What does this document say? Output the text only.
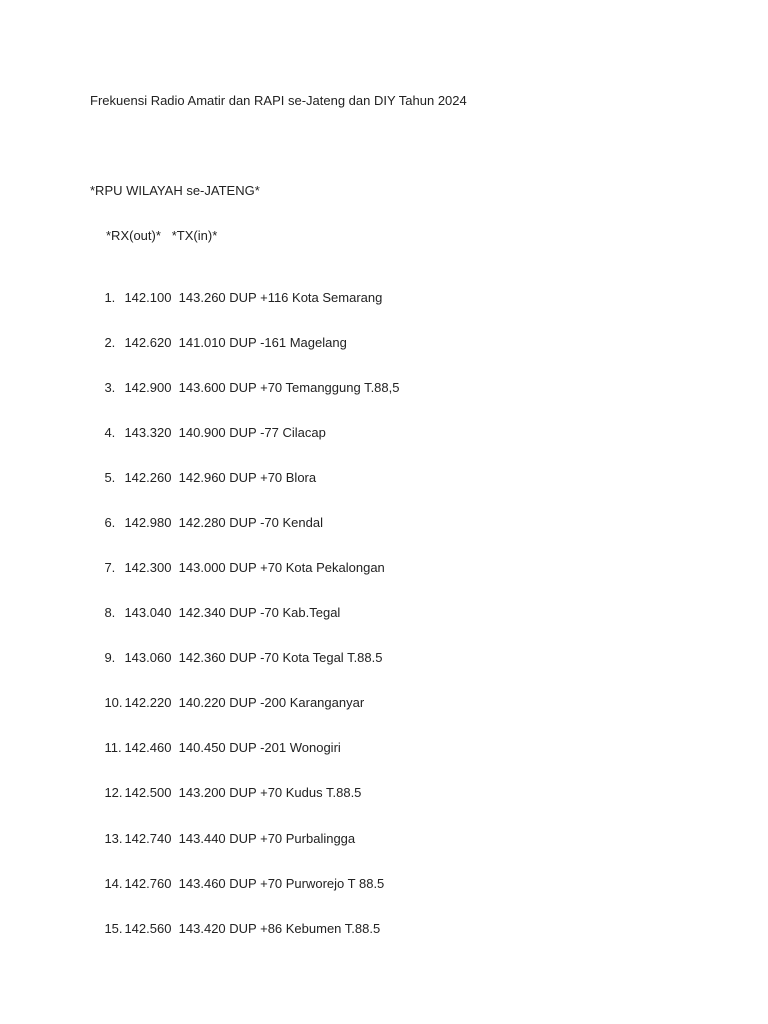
Frekuensi Radio Amatir dan RAPI se-Jateng dan DIY Tahun 2024
*RPU WILAYAH se-JATENG*
*RX(out)*   *TX(in)*

1. 142.100  143.260 DUP +116 Kota Semarang

2. 142.620  141.010 DUP -161 Magelang

3. 142.900  143.600 DUP +70 Temanggung T.88,5

4. 143.320  140.900 DUP -77 Cilacap

5. 142.260  142.960 DUP +70 Blora

6. 142.980  142.280 DUP -70 Kendal

7. 142.300  143.000 DUP +70 Kota Pekalongan

8. 143.040  142.340 DUP -70 Kab.Tegal

9. 143.060  142.360 DUP -70 Kota Tegal T.88.5

10. 142.220  140.220 DUP -200 Karanganyar

11. 142.460  140.450 DUP -201 Wonogiri

12. 142.500  143.200 DUP +70 Kudus T.88.5

13. 142.740  143.440 DUP +70 Purbalingga

14. 142.760  143.460 DUP +70 Purworejo T 88.5

15. 142.560  143.420 DUP +86 Kebumen T.88.5
